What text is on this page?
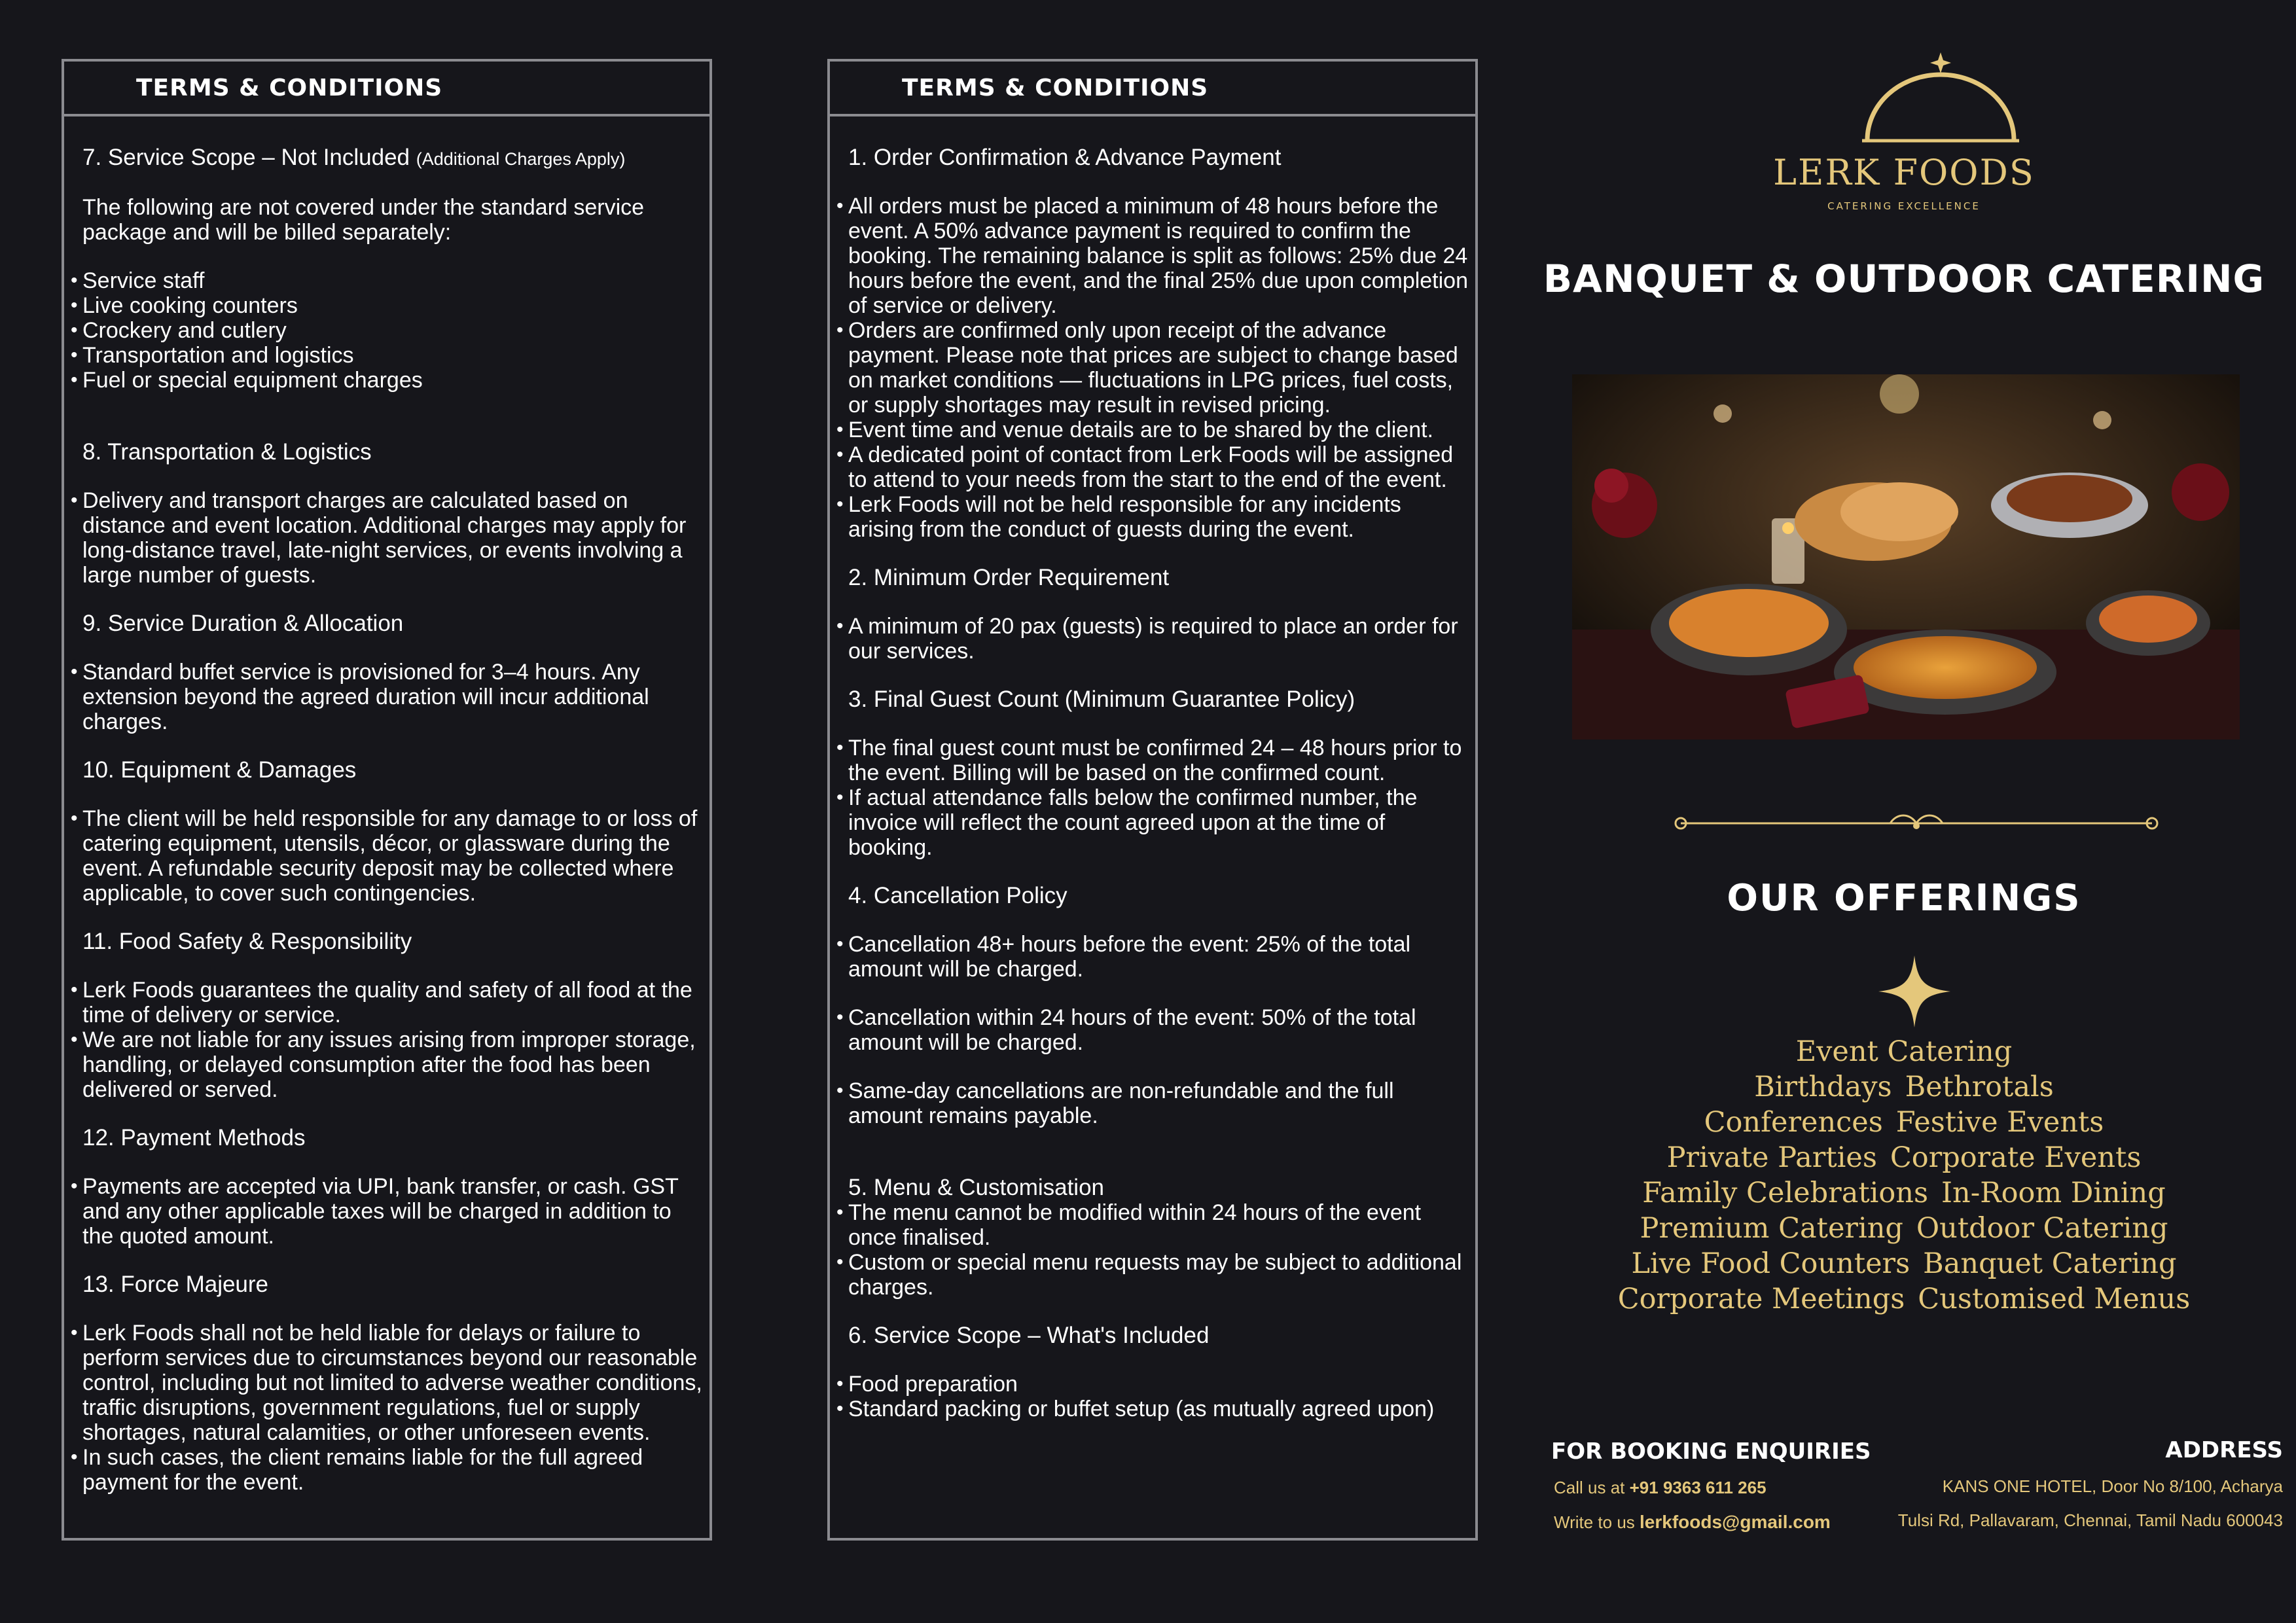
TERMS & CONDITIONS
7. Service Scope – Not Included (Additional Charges Apply)
The following are not covered under the standard service package and will be billed separately:
• Service staff
• Live cooking counters
• Crockery and cutlery
• Transportation and logistics
• Fuel or special equipment charges
8. Transportation & Logistics
• Delivery and transport charges are calculated based on distance and event location. Additional charges may apply for long-distance travel, late-night services, or events involving a large number of guests.
9. Service Duration & Allocation
• Standard buffet service is provisioned for 3–4 hours. Any extension beyond the agreed duration will incur additional charges.
10. Equipment & Damages
• The client will be held responsible for any damage to or loss of catering equipment, utensils, décor, or glassware during the event. A refundable security deposit may be collected where applicable, to cover such contingencies.
11. Food Safety & Responsibility
• Lerk Foods guarantees the quality and safety of all food at the time of delivery or service.
• We are not liable for any issues arising from improper storage, handling, or delayed consumption after the food has been delivered or served.
12. Payment Methods
• Payments are accepted via UPI, bank transfer, or cash. GST and any other applicable taxes will be charged in addition to the quoted amount.
13. Force Majeure
• Lerk Foods shall not be held liable for delays or failure to perform services due to circumstances beyond our reasonable control, including but not limited to adverse weather conditions, traffic disruptions, government regulations, fuel or supply shortages, natural calamities, or other unforeseen events.
• In such cases, the client remains liable for the full agreed payment for the event.
TERMS & CONDITIONS
1. Order Confirmation & Advance Payment
• All orders must be placed a minimum of 48 hours before the event. A 50% advance payment is required to confirm the booking. The remaining balance is split as follows: 25% due 24 hours before the event, and the final 25% due upon completion of service or delivery.
• Orders are confirmed only upon receipt of the advance payment. Please note that prices are subject to change based on market conditions — fluctuations in LPG prices, fuel costs, or supply shortages may result in revised pricing.
• Event time and venue details are to be shared by the client.
• A dedicated point of contact from Lerk Foods will be assigned to attend to your needs from the start to the end of the event.
• Lerk Foods will not be held responsible for any incidents arising from the conduct of guests during the event.
2. Minimum Order Requirement
• A minimum of 20 pax (guests) is required to place an order for our services.
3. Final Guest Count (Minimum Guarantee Policy)
• The final guest count must be confirmed 24 – 48 hours prior to the event. Billing will be based on the confirmed count.
• If actual attendance falls below the confirmed number, the invoice will reflect the count agreed upon at the time of booking.
4. Cancellation Policy
• Cancellation 48+ hours before the event: 25% of the total amount will be charged.
• Cancellation within 24 hours of the event: 50% of the total amount will be charged.
• Same-day cancellations are non-refundable and the full amount remains payable.
5. Menu & Customisation
• The menu cannot be modified within 24 hours of the event once finalised.
• Custom or special menu requests may be subject to additional charges.
6. Service Scope – What's Included
• Food preparation
• Standard packing or buffet setup (as mutually agreed upon)
LERK FOODS
CATERING EXCELLENCE
BANQUET & OUTDOOR CATERING
OUR OFFERINGS
Event Catering
Birthdays Bethrotals
Conferences Festive Events
Private Parties Corporate Events
Family Celebrations In-Room Dining
Premium Catering Outdoor Catering
Live Food Counters Banquet Catering
Corporate Meetings Customised Menus
FOR BOOKING ENQUIRIES
Call us at +91 9363 611 265
Write to us lerkfoods@gmail.com
ADDRESS
KANS ONE HOTEL, Door No 8/100, Acharya
Tulsi Rd, Pallavaram, Chennai, Tamil Nadu 600043
